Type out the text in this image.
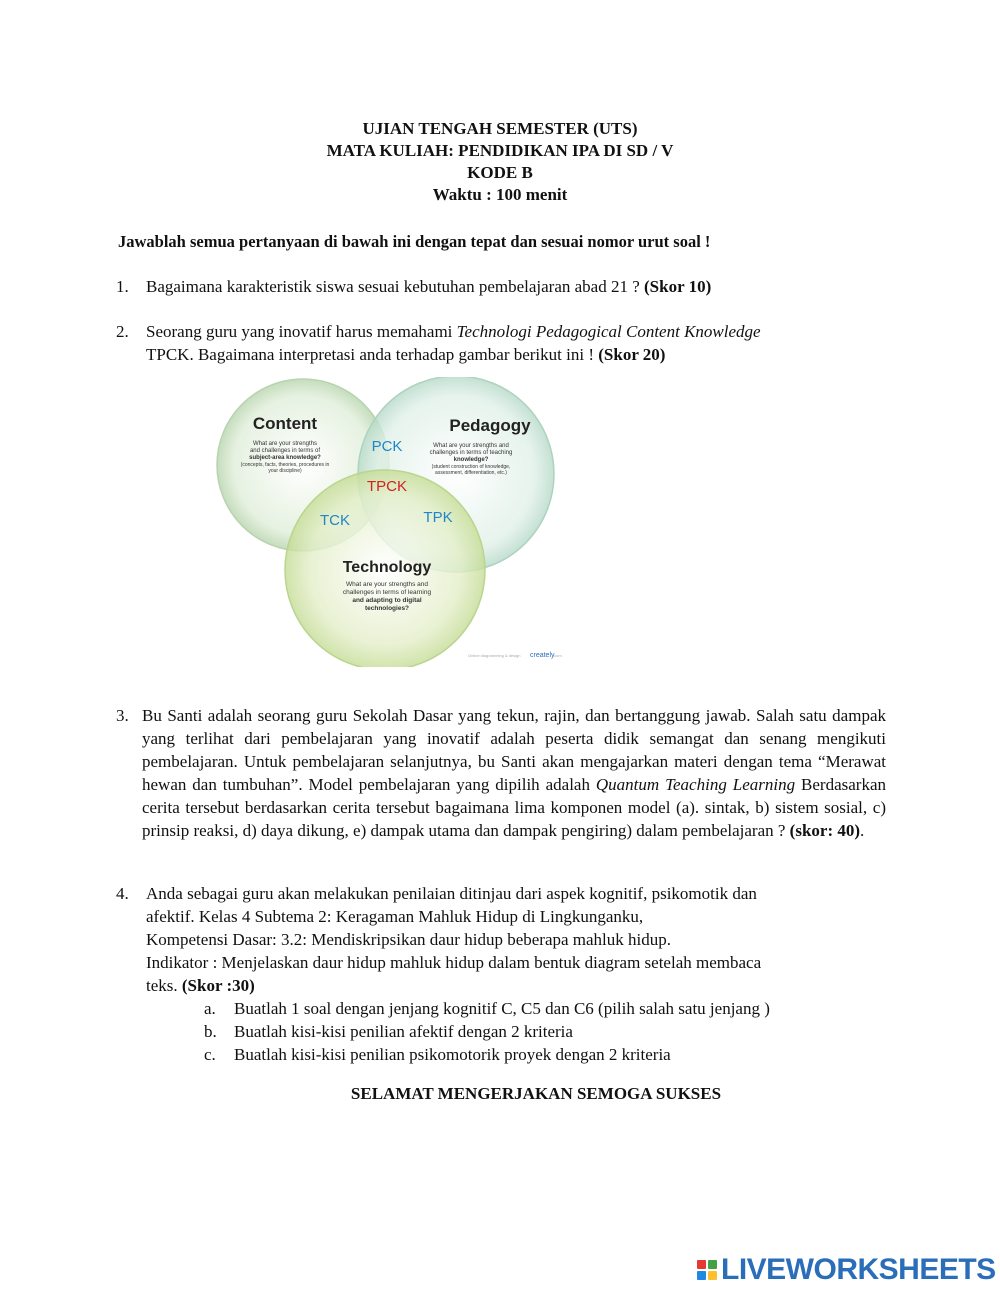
UJIAN TENGAH SEMESTER (UTS)
MATA KULIAH: PENDIDIKAN IPA DI SD / V
KODE B
Waktu : 100 menit
Jawablah semua pertanyaan di bawah ini dengan tepat dan sesuai nomor urut soal !
1.	Bagaimana karakteristik siswa sesuai kebutuhan pembelajaran abad 21 ? (Skor 10)
2.	Seorang guru yang inovatif harus memahami Technologi Pedagogical Content Knowledge
TPCK. Bagaimana interpretasi anda terhadap gambar berikut ini ! (Skor 20)
Content
What are your strengths
and challenges in terms of
subject-area knowledge?
(concepts, facts, theories, procedures in
your discipline)
Pedagogy
What are your strengths and
challenges in terms of teaching
knowledge?
(student construction of knowledge,
assessment, differentiation, etc.)
Technology
What are your strengths and
challenges in terms of learning
and adapting to digital
technologies?
PCK
TPCK
TCK	TPK
Online diagramming & design creately
.com
3. Bu Santi adalah seorang guru Sekolah Dasar yang tekun, rajin, dan bertanggung jawab. Salah satu dampak yang terlihat dari pembelajaran yang inovatif adalah peserta didik semangat dan senang mengikuti pembelajaran. Untuk pembelajaran selanjutnya, bu Santi akan mengajarkan materi dengan tema “Merawat hewan dan tumbuhan”. Model pembelajaran yang dipilih adalah Quantum Teaching Learning Berdasarkan cerita tersebut berdasarkan cerita tersebut bagaimana lima komponen model (a). sintak, b) sistem sosial, c) prinsip reaksi, d) daya dikung, e) dampak utama dan dampak pengiring) dalam pembelajaran ? (skor: 40).
4.	Anda sebagai guru akan melakukan penilaian ditinjau dari aspek kognitif, psikomotik dan
afektif. Kelas 4 Subtema 2: Keragaman Mahluk Hidup di Lingkunganku,
Kompetensi Dasar: 3.2: Mendiskripsikan daur hidup beberapa mahluk hidup.
Indikator : Menjelaskan daur hidup mahluk hidup dalam bentuk diagram setelah membaca
teks. (Skor :30)
a. Buatlah 1 soal dengan jenjang kognitif C, C5 dan C6 (pilih salah satu jenjang )
b. Buatlah kisi-kisi penilian afektif dengan 2 kriteria
c. Buatlah kisi-kisi penilian psikomotorik proyek dengan 2 kriteria
SELAMAT MENGERJAKAN SEMOGA SUKSES
LIVEWORKSHEETS
